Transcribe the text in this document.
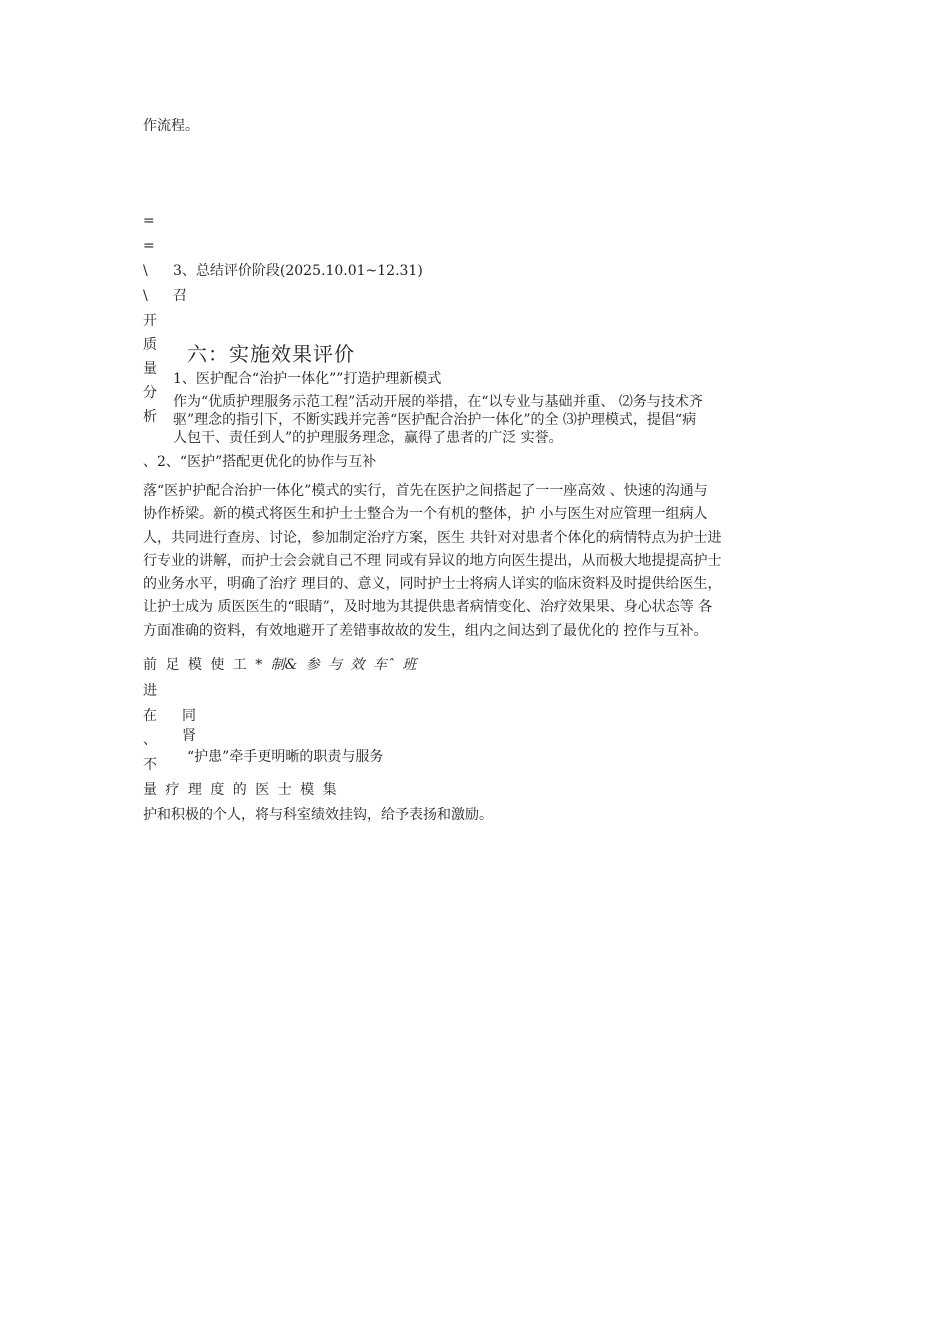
作流程。
=
=
\
\
3、总结评价阶段(2025.10.01~12.31)
召
开
质
量
分
析
六：实施效果评价
1、医护配合“治护一体化””打造护理新模式
作为“优质护理服务示范工程”活动开展的举措，在“以专业与基础并重、 ⑵务与技术齐
驱”理念的指引下，不断实践并完善“医护配合治护一体化”的全 ⑶护理模式，提倡“病
人包干、责任到人”的护理服务理念，赢得了患者的广泛 实誉。
、2、“医护”搭配更优化的协作与互补
落“医护护配合治护一体化”模式的实行，首先在医护之间搭起了一一座高效 、快速的沟通与
协作桥梁。新的模式将医生和护士士整合为一个有机的整体，护 小与医生对应管理一组病人
人，共同进行查房、讨论，参加制定治疗方案，医生 共针对对患者个体化的病情特点为护士进
行专业的讲解，而护士会会就自己不理 同或有异议的地方向医生提出，从而极大地提提高护士
的业务水平，明确了治疗 理目的、意义，同时护士士将病人详实的临床资料及时提供给医生，
让护士成为 质医医生的“眼睛”，及时地为其提供患者病情变化、治疗效果果、身心状态等 各
方面准确的资料，有效地避开了差错事故故的发生，组内之间达到了最优化的 控作与互补。
前 足 模 使 工 * 制& 参 与 效 车ˆ 班
进
在
、
不
同
肾
“护患”牵手更明晰的职责与服务
量 疗 理 度 的 医 士 模 集
护和积极的个人，将与科室绩效挂钩，给予表扬和激励。
